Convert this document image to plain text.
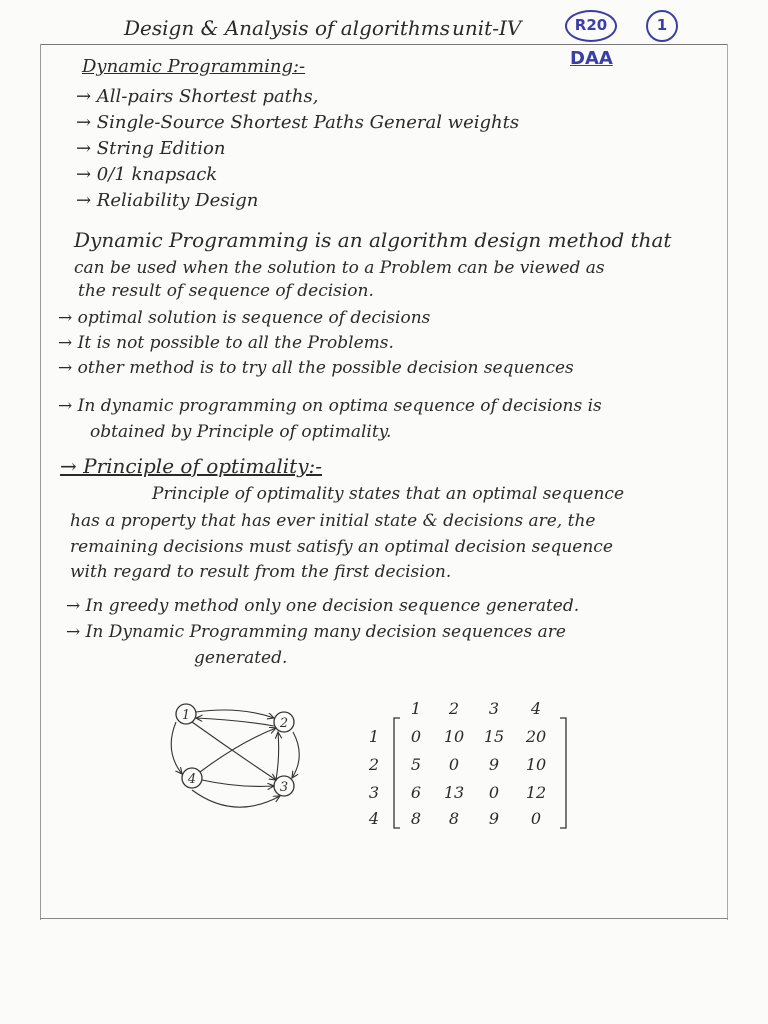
Design & Analysis of algorithms unit-IV	R20	1
DAA
Dynamic Programming:-
→ All-pairs Shortest paths,
→ Single-Source Shortest Paths General weights
→ String Edition
→ 0/1 knapsack
→ Reliability Design
Dynamic Programming is an algorithm design method that
can be used when the solution to a Problem can be viewed as
the result of sequence of decision.
→ optimal solution is sequence of decisions
→ It is not possible to all the Problems.
→ other method is to try all the possible decision sequences
→ In dynamic programming on optima sequence of decisions is
obtained by Principle of optimality.
→ Principle of optimality:-
Principle of optimality states that an optimal sequence
has a property that has ever initial state & decisions are, the
remaining decisions must satisfy an optimal decision sequence
with regard to result from the first decision.
→ In greedy method only one decision sequence generated.
→ In Dynamic Programming many decision sequences are
generated.
1
2
3
4
1 2 3 4
1
2
3
4
0 10 15 20
5 0 9 10
6 13 0 12
8 8 9 0
